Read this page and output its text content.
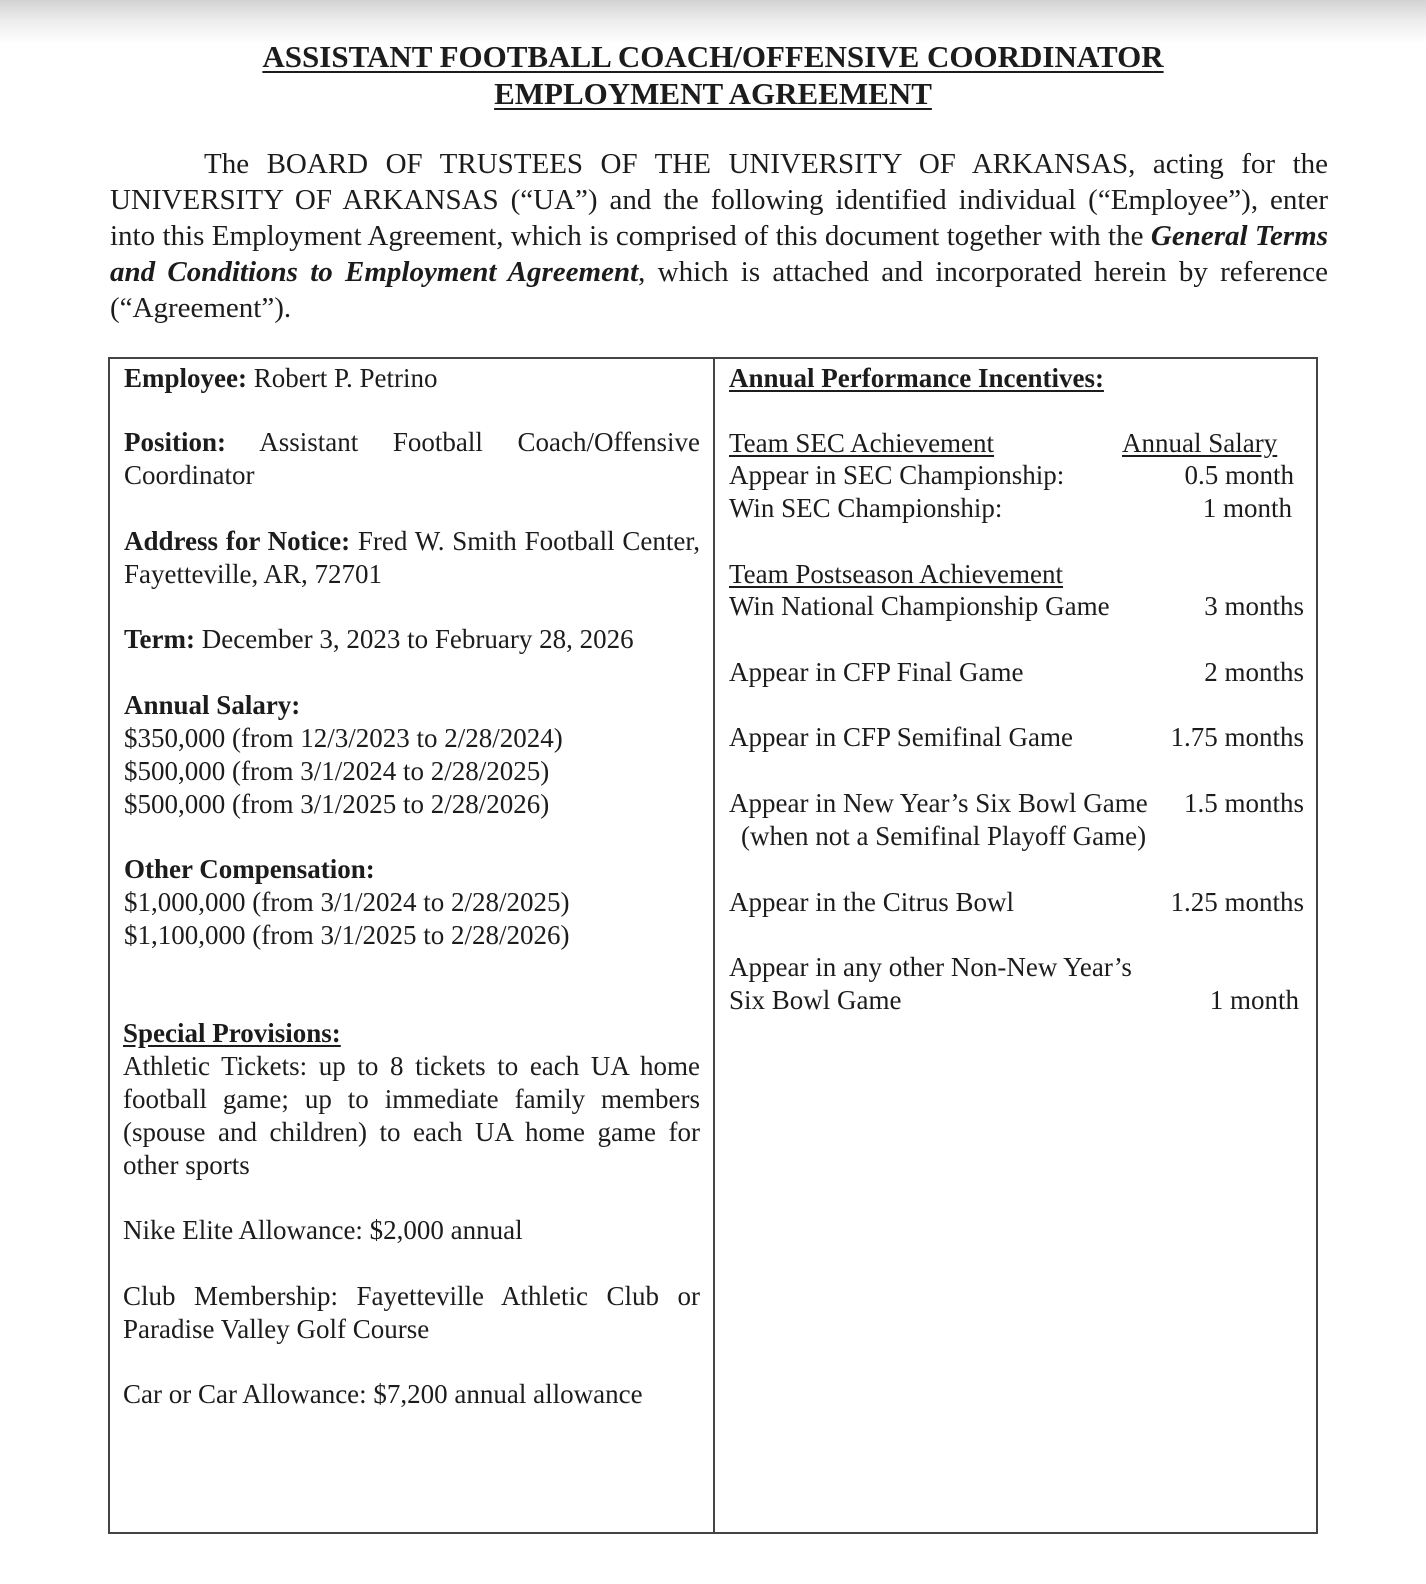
ASSISTANT FOOTBALL COACH/OFFENSIVE COORDINATOR
EMPLOYMENT AGREEMENT
The BOARD OF TRUSTEES OF THE UNIVERSITY OF ARKANSAS, acting for the UNIVERSITY OF ARKANSAS (“UA”) and the following identified individual (“Employee”), enter into this Employment Agreement, which is comprised of this document together with the General Terms and Conditions to Employment Agreement, which is attached and incorporated herein by reference (“Agreement”).
Employee: Robert P. Petrino
Position: Assistant Football Coach/Offensive Coordinator
Address for Notice: Fred W. Smith Football Center, Fayetteville, AR, 72701
Term: December 3, 2023 to February 28, 2026
Annual Salary:
$350,000 (from 12/3/2023 to 2/28/2024)
$500,000 (from 3/1/2024 to 2/28/2025)
$500,000 (from 3/1/2025 to 2/28/2026)
Other Compensation:
$1,000,000 (from 3/1/2024 to 2/28/2025)
$1,100,000 (from 3/1/2025 to 2/28/2026)
Special Provisions:
Athletic Tickets: up to 8 tickets to each UA home football game; up to immediate family members (spouse and children) to each UA home game for other sports
Nike Elite Allowance: $2,000 annual
Club Membership: Fayetteville Athletic Club or Paradise Valley Golf Course
Car or Car Allowance: $7,200 annual allowance
Annual Performance Incentives:
Team SEC Achievement	Annual Salary
Appear in SEC Championship:	0.5 month
Win SEC Championship:	1 month
Team Postseason Achievement
Win National Championship Game	3 months
Appear in CFP Final Game	2 months
Appear in CFP Semifinal Game	1.75 months
Appear in New Year’s Six Bowl Game	1.5 months
(when not a Semifinal Playoff Game)
Appear in the Citrus Bowl	1.25 months
Appear in any other Non-New Year’s
Six Bowl Game	1 month
